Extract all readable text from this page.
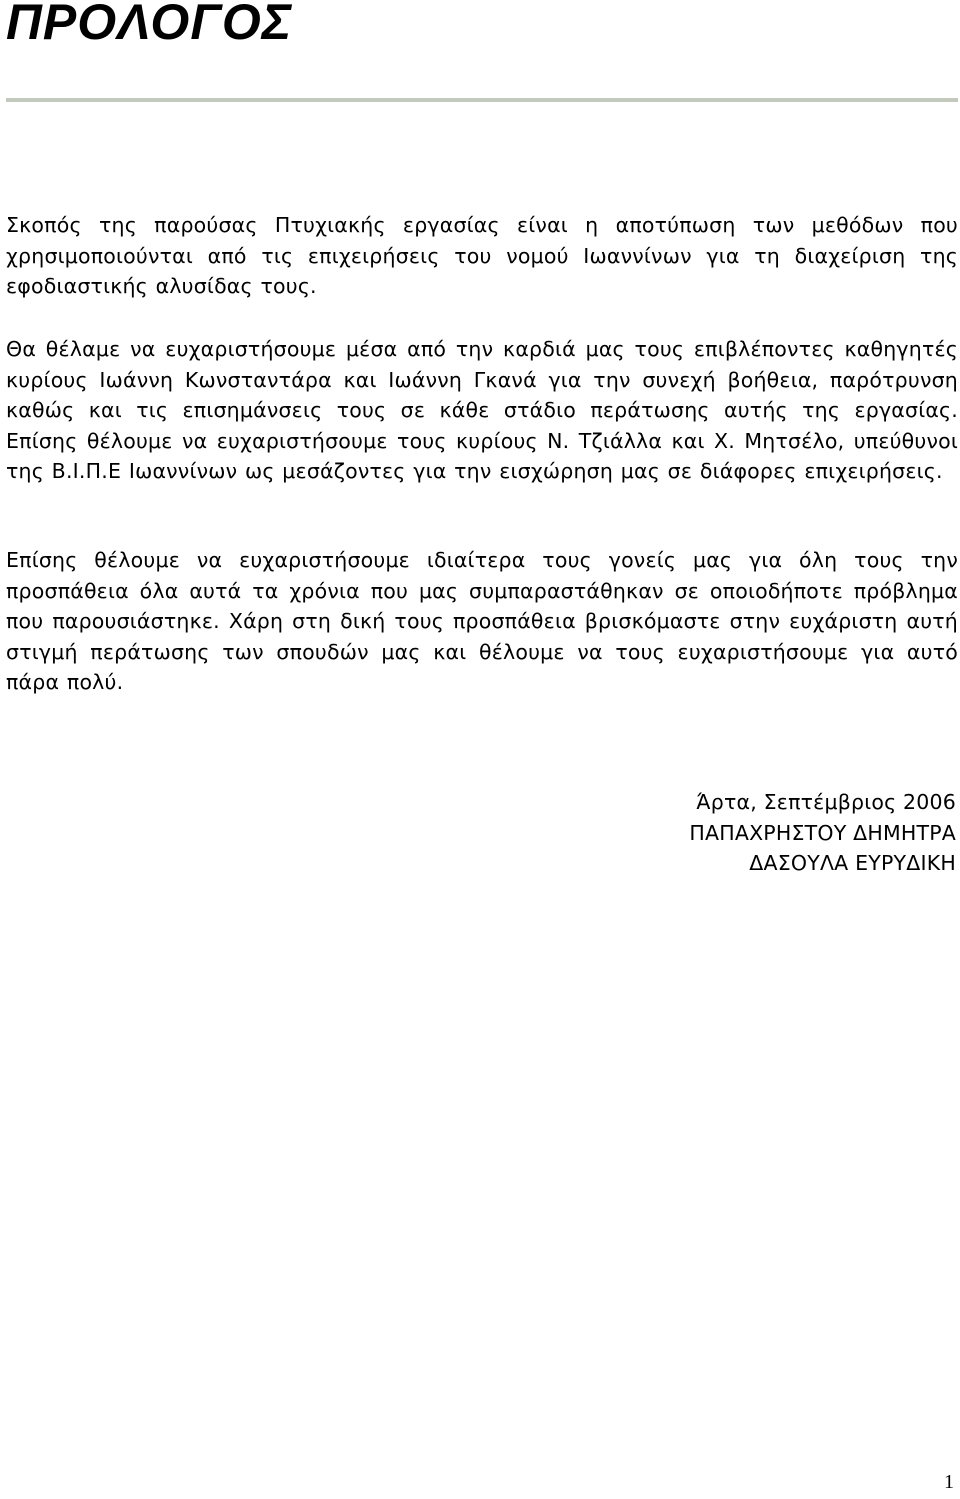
ΠΡΟΛΟΓΟΣ

Σκοπός της παρούσας Πτυχιακής εργασίας είναι η αποτύπωση των μεθόδων που χρησιμοποιούνται από τις επιχειρήσεις του νομού Ιωαννίνων για τη διαχείριση της εφοδιαστικής αλυσίδας τους.

Θα θέλαμε να ευχαριστήσουμε μέσα από την καρδιά μας τους επιβλέποντες καθηγητές κυρίους Ιωάννη Κωνσταντάρα και Ιωάννη Γκανά για την συνεχή βοήθεια, παρότρυνση καθώς και τις επισημάνσεις τους σε κάθε στάδιο περάτωσης αυτής της εργασίας. Επίσης θέλουμε να ευχαριστήσουμε τους κυρίους Ν. Τζιάλλα και Χ. Μητσέλο, υπεύθυνοι της Β.Ι.Π.Ε Ιωαννίνων ως μεσάζοντες για την εισχώρηση μας σε διάφορες επιχειρήσεις.

Επίσης θέλουμε να ευχαριστήσουμε ιδιαίτερα τους γονείς μας για όλη τους την προσπάθεια όλα αυτά τα χρόνια που μας συμπαραστάθηκαν σε οποιοδήποτε πρόβλημα που παρουσιάστηκε. Χάρη στη δική τους προσπάθεια βρισκόμαστε στην ευχάριστη αυτή στιγμή περάτωσης των σπουδών μας και θέλουμε να τους ευχαριστήσουμε για αυτό πάρα πολύ.

Άρτα, Σεπτέμβριος 2006
ΠΑΠΑΧΡΗΣΤΟΥ ΔΗΜΗΤΡΑ
ΔΑΣΟΥΛΑ ΕΥΡΥΔΙΚΗ
1
